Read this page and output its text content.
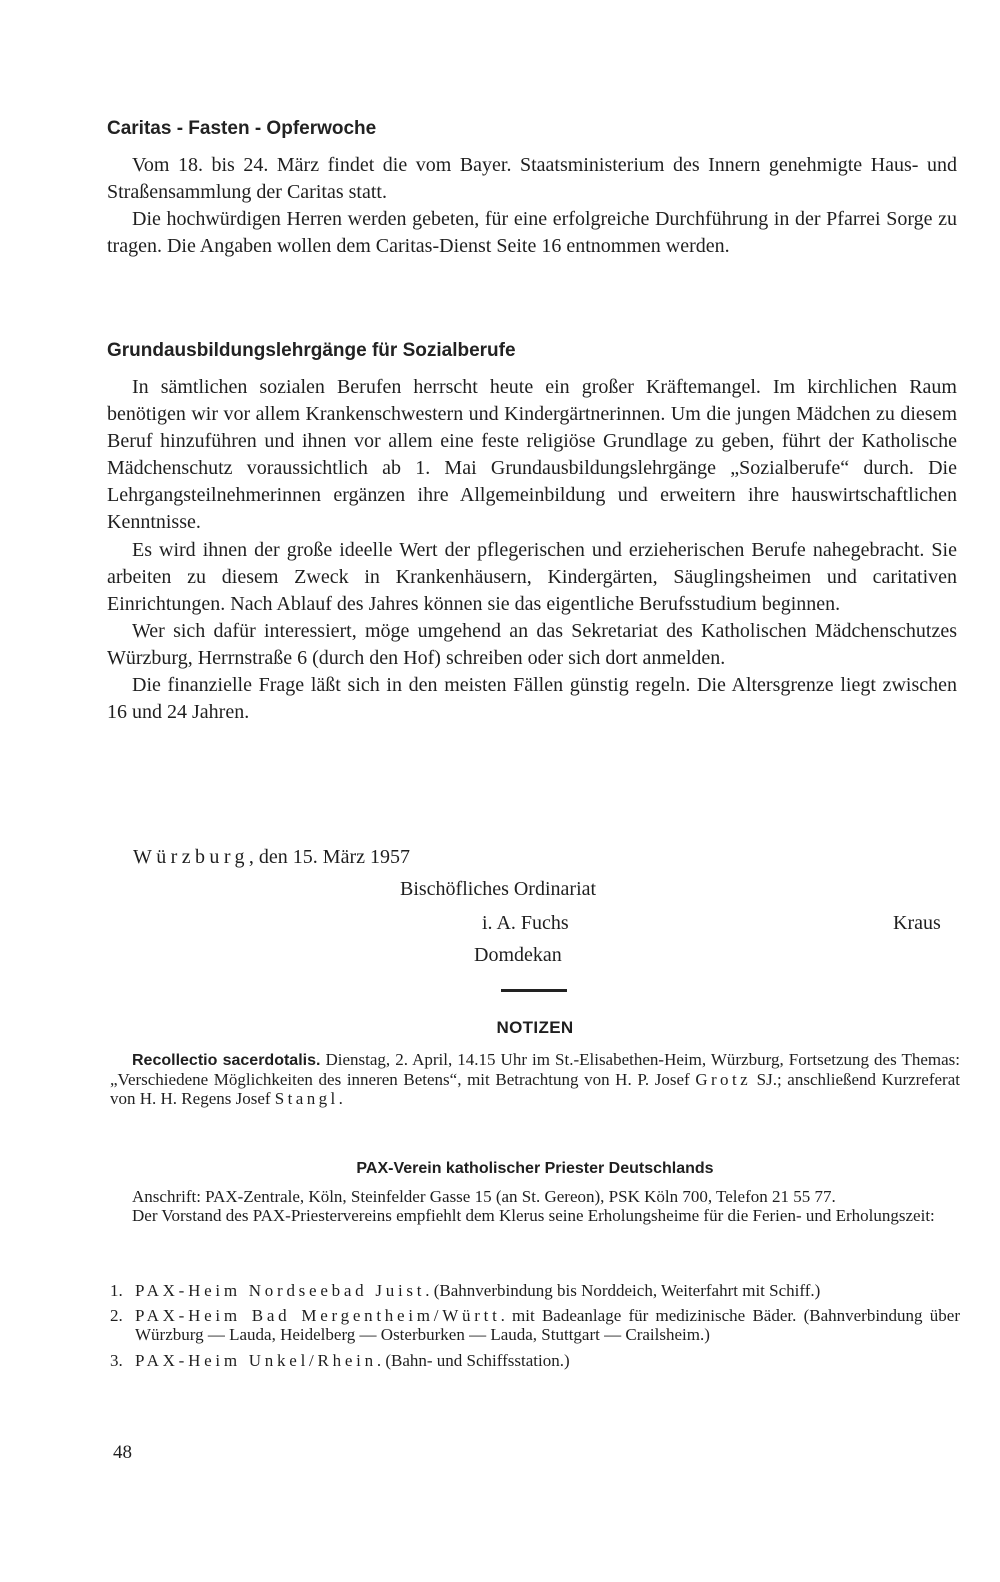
Caritas - Fasten - Opferwoche

Vom 18. bis 24. März findet die vom Bayer. Staatsministerium des Innern genehmigte Haus- und Straßensammlung der Caritas statt.

Die hochwürdigen Herren werden gebeten, für eine erfolgreiche Durchführung in der Pfarrei Sorge zu tragen. Die Angaben wollen dem Caritas-Dienst Seite 16 entnommen werden.

Grundausbildungslehrgänge für Sozialberufe

In sämtlichen sozialen Berufen herrscht heute ein großer Kräftemangel. Im kirchlichen Raum benötigen wir vor allem Krankenschwestern und Kindergärtnerinnen. Um die jungen Mädchen zu diesem Beruf hinzuführen und ihnen vor allem eine feste religiöse Grundlage zu geben, führt der Katholische Mädchenschutz voraussichtlich ab 1. Mai Grundausbildungslehrgänge „Sozialberufe“ durch. Die Lehrgangsteilnehmerinnen ergänzen ihre Allgemeinbildung und erweitern ihre hauswirtschaftlichen Kenntnisse.

Es wird ihnen der große ideelle Wert der pflegerischen und erzieherischen Berufe nahegebracht. Sie arbeiten zu diesem Zweck in Krankenhäusern, Kindergärten, Säuglingsheimen und caritativen Einrichtungen. Nach Ablauf des Jahres können sie das eigentliche Berufsstudium beginnen.

Wer sich dafür interessiert, möge umgehend an das Sekretariat des Katholischen Mädchenschutzes Würzburg, Herrnstraße 6 (durch den Hof) schreiben oder sich dort anmelden.

Die finanzielle Frage läßt sich in den meisten Fällen günstig regeln. Die Altersgrenze liegt zwischen 16 und 24 Jahren.

Würzburg, den 15. März 1957
Bischöfliches Ordinariat
i. A. Fuchs	Kraus
Domdekan
NOTIZEN

Recollectio sacerdotalis. Dienstag, 2. April, 14.15 Uhr im St.-Elisabethen-Heim, Würzburg, Fortsetzung des Themas: „Verschiedene Möglichkeiten des inneren Betens“, mit Betrachtung von H. P. Josef Grotz SJ.; anschließend Kurzreferat von H. H. Regens Josef Stangl.

PAX-Verein katholischer Priester Deutschlands

Anschrift: PAX-Zentrale, Köln, Steinfelder Gasse 15 (an St. Gereon), PSK Köln 700, Telefon 21 55 77.

Der Vorstand des PAX-Priestervereins empfiehlt dem Klerus seine Erholungsheime für die Ferien- und Erholungszeit:

1. PAX-Heim Nordseebad Juist. (Bahnverbindung bis Norddeich, Weiterfahrt mit Schiff.)
2. PAX-Heim Bad Mergentheim/Württ. mit Badeanlage für medizinische Bäder. (Bahnverbindung über Würzburg — Lauda, Heidelberg — Osterburken — Lauda, Stuttgart — Crailsheim.)
3. PAX-Heim Unkel/Rhein. (Bahn- und Schiffsstation.)
48
